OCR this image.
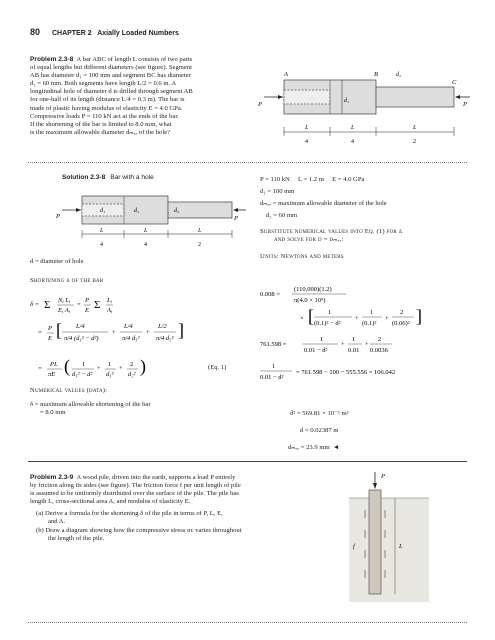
80 CHAPTER 2 Axially Loaded Numbers
Problem 2.3-8 A bar ABC of length L consists of two parts
of equal lengths but different diameters (see figure). Segment
AB has diameter d₁ = 100 mm and segment BC has diameter
d₂ = 60 mm. Both segments have length L/2 = 0.6 m. A
longitudinal hole of diameter d is drilled through segment AB
for one-half of its length (distance L/4 = 0.3 m). The bar is
made of plastic having modulus of elasticity E = 4.0 GPa.
Compressive loads P = 110 kN act at the ends of the bar.
If the shortening of the bar is limited to 8.0 mm, what
is the maximum allowable diameter dₘₐₓ of the hole?
A	B
C
P	P
d₁
d₂
L
4
L
4
L
2
Solution 2.3-8 Bar with a hole
P	P
d₁	d₁	d₂
L
4
L
4
L
2
d = diameter of hole
Shortening δ of the bar
δ = Σ Ni Li
Ei Ai
=
P
E Σ Li
Ai
=
P
E [ L/4
π/4 (d₁² − d²)
+
L/4
π/4 d₁²
+
L/2
π/4 d₂² ]
=
PL
πE ( 1
d₁² − d²
+
1
d₁²
+
2
d₂² )	(Eq. 1)
Numerical values (data):
δ = maximum allowable shortening of the bar
= 8.0 mm
P = 110 kN L = 1.2 m E = 4.0 GPa
d₁ = 100 mm
dₘₐₓ = maximum allowable diameter of the hole
d₂ = 60 mm
Substitute numerical values into Eq. (1) for δ
and solve for d = dₘₐₓ:
Units: Newtons and meters
0.008 =
(110,000)(1.2)
π(4.0 × 10⁹)
× [ 1
(0.1)² − d²
+
1
(0.1)²
+
2
(0.06)² ]
761.598 =
1
0.01 − d²
+
1
0.01
+
2
0.0036
1
0.01 − d²
= 761.598 − 100 − 555.556 = 106.042
d² = 569.81 × 10⁻⁶ m²
d = 0.02387 m
dₘₐₓ = 23.9 mm ◄
Problem 2.3-9 A wood pile, driven into the earth, supports a load P entirely
by friction along its sides (see figure). The friction force f per unit length of pile
is assumed to be uniformly distributed over the surface of the pile. The pile has
length L, cross-sectional area A, and modulus of elasticity E.
(a) Derive a formula for the shortening δ of the pile in terms of P, L, E,
and A.
(b) Draw a diagram showing how the compressive stress σc varies throughout
the length of the pile.
P
f	L
